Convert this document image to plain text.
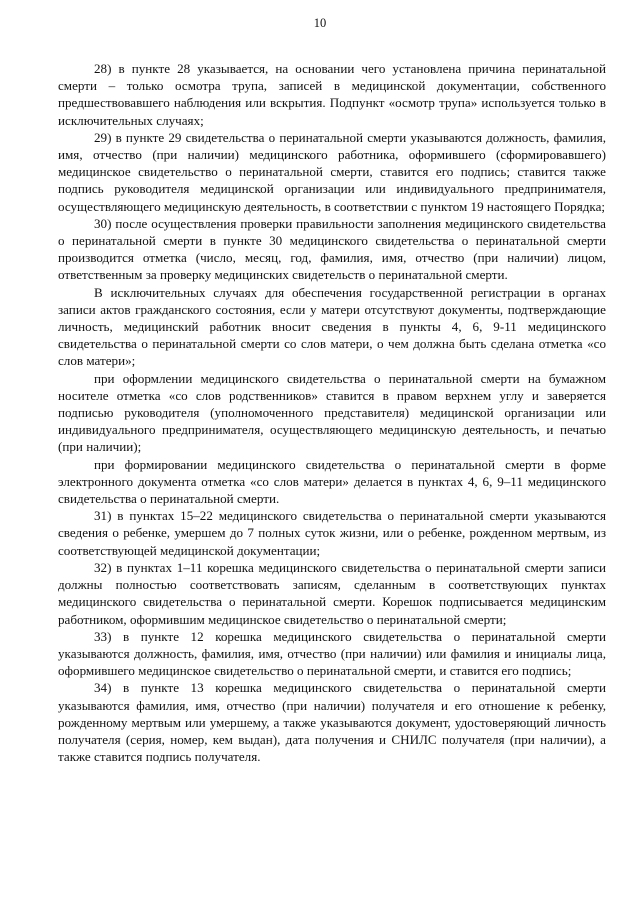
10

28) в пункте 28 указывается, на основании чего установлена причина перинатальной смерти – только осмотра трупа, записей в медицинской документации, собственного предшествовавшего наблюдения или вскрытия. Подпункт «осмотр трупа» используется только в исключительных случаях;

29) в пункте 29 свидетельства о перинатальной смерти указываются должность, фамилия, имя, отчество (при наличии) медицинского работника, оформившего (сформировавшего) медицинское свидетельство о перинатальной смерти, ставится его подпись; ставится также подпись руководителя медицинской организации или индивидуального предпринимателя, осуществляющего медицинскую деятельность, в соответствии с пунктом 19 настоящего Порядка;

30) после осуществления проверки правильности заполнения медицинского свидетельства о перинатальной смерти в пункте 30 медицинского свидетельства о перинатальной смерти производится отметка (число, месяц, год, фамилия, имя, отчество (при наличии) лицом, ответственным за проверку медицинских свидетельств о перинатальной смерти.

В исключительных случаях для обеспечения государственной регистрации в органах записи актов гражданского состояния, если у матери отсутствуют документы, подтверждающие личность, медицинский работник вносит сведения в пункты 4, 6, 9-11 медицинского свидетельства о перинатальной смерти со слов матери, о чем должна быть сделана отметка «со слов матери»;

при оформлении медицинского свидетельства о перинатальной смерти на бумажном носителе отметка «со слов родственников» ставится в правом верхнем углу и заверяется подписью руководителя (уполномоченного представителя) медицинской организации или индивидуального предпринимателя, осуществляющего медицинскую деятельность, и печатью (при наличии);

при формировании медицинского свидетельства о перинатальной смерти в форме электронного документа отметка «со слов матери» делается в пунктах 4, 6, 9–11 медицинского свидетельства о перинатальной смерти.

31) в пунктах 15–22 медицинского свидетельства о перинатальной смерти указываются сведения о ребенке, умершем до 7 полных суток жизни, или о ребенке, рожденном мертвым, из соответствующей медицинской документации;

32) в пунктах 1–11 корешка медицинского свидетельства о перинатальной смерти записи должны полностью соответствовать записям, сделанным в соответствующих пунктах медицинского свидетельства о перинатальной смерти. Корешок подписывается медицинским работником, оформившим медицинское свидетельство о перинатальной смерти;

33) в пункте 12 корешка медицинского свидетельства о перинатальной смерти указываются должность, фамилия, имя, отчество (при наличии) или фамилия и инициалы лица, оформившего медицинское свидетельство о перинатальной смерти, и ставится его подпись;

34) в пункте 13 корешка медицинского свидетельства о перинатальной смерти указываются фамилия, имя, отчество (при наличии) получателя и его отношение к ребенку, рожденному мертвым или умершему, а также указываются документ, удостоверяющий личность получателя (серия, номер, кем выдан), дата получения и СНИЛС получателя (при наличии), а также ставится подпись получателя.
